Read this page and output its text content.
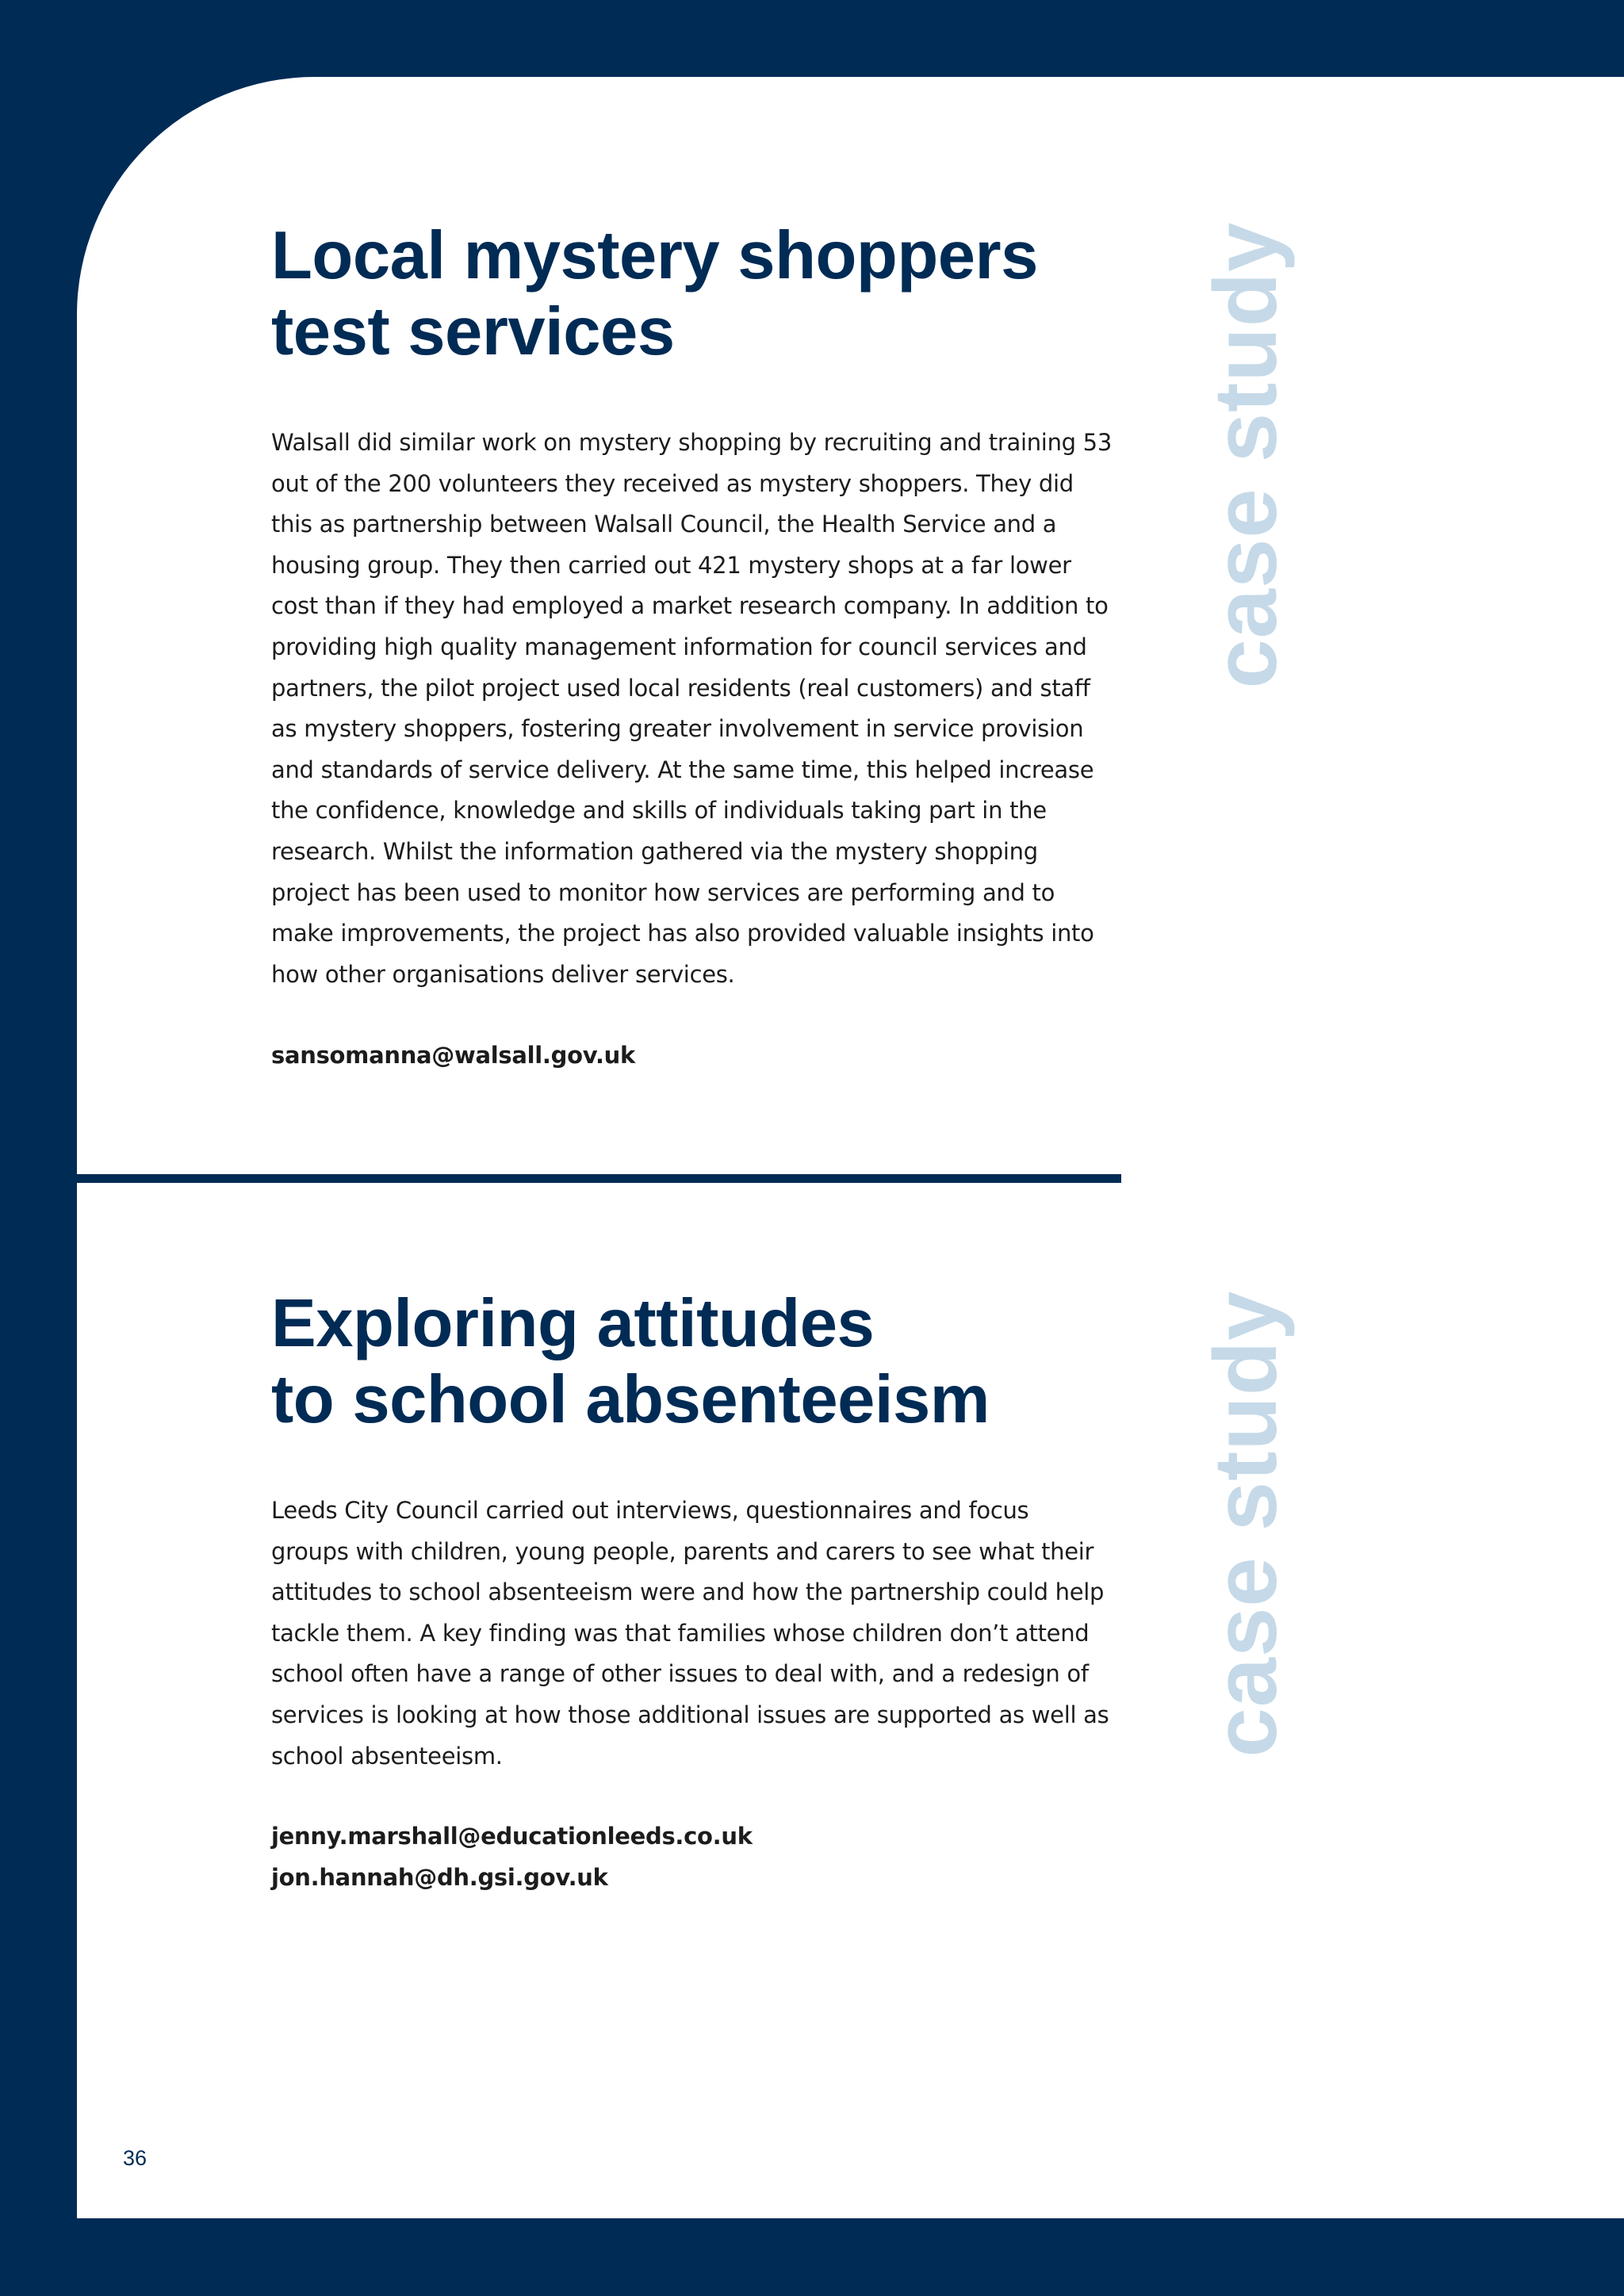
Local mystery shoppers
test services

Walsall did similar work on mystery shopping by recruiting and training 53 out of the 200 volunteers they received as mystery shoppers. They did this as partnership between Walsall Council, the Health Service and a housing group. They then carried out 421 mystery shops at a far lower cost than if they had employed a market research company. In addition to providing high quality management information for council services and partners, the pilot project used local residents (real customers) and staff as mystery shoppers, fostering greater involvement in service provision and standards of service delivery. At the same time, this helped increase the confidence, knowledge and skills of individuals taking part in the research. Whilst the information gathered via the mystery shopping project has been used to monitor how services are performing and to make improvements, the project has also provided valuable insights into how other organisations deliver services.

sansomanna@walsall.gov.uk

case study
Exploring attitudes
to school absenteeism

Leeds City Council carried out interviews, questionnaires and focus groups with children, young people, parents and carers to see what their attitudes to school absenteeism were and how the partnership could help tackle them. A key finding was that families whose children don’t attend school often have a range of other issues to deal with, and a redesign of services is looking at how those additional issues are supported as well as school absenteeism.

jenny.marshall@educationleeds.co.uk

jon.hannah@dh.gsi.gov.uk

case study
36
